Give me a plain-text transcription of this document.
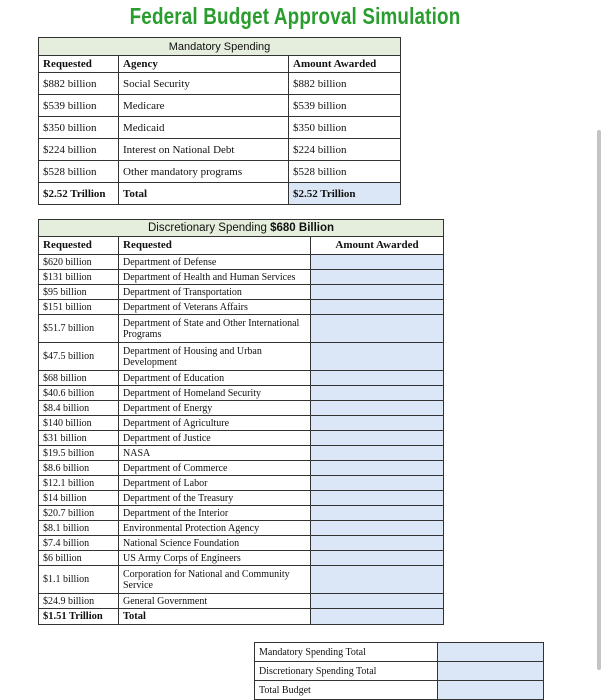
Federal Budget Approval Simulation
Mandatory Spending		
Requested	Agency	Amount Awarded
$882 billion	Social Security	$882 billion
$539 billion	Medicare	$539 billion
$350 billion	Medicaid	$350 billion
$224 billion	Interest on National Debt	$224 billion
$528 billion	Other mandatory programs	$528 billion
$2.52 Trillion	Total	$2.52 Trillion
Discretionary Spending $680 Billion		
Requested	Requested	Amount Awarded
$620 billion	Department of Defense	
$131 billion	Department of Health and Human Services	
$95 billion	Department of Transportation	
$151 billion	Department of Veterans Affairs	
$51.7 billion	Department of State and Other International Programs	
$47.5 billion	Department of Housing and Urban Development	
$68 billion	Department of Education	
$40.6 billion	Department of Homeland Security	
$8.4 billion	Department of Energy	
$140 billion	Department of Agriculture	
$31 billion	Department of Justice	
$19.5 billion	NASA	
$8.6 billion	Department of Commerce	
$12.1 billion	Department of Labor	
$14 billion	Department of the Treasury	
$20.7 billion	Department of the Interior	
$8.1 billion	Environmental Protection Agency	
$7.4 billion	National Science Foundation	
$6 billion	US Army Corps of Engineers	
$1.1 billion	Corporation for National and Community Service	
$24.9 billion	General Government	
$1.51 Trillion	Total	
Mandatory Spending Total	
Discretionary Spending Total	
Total Budget	
